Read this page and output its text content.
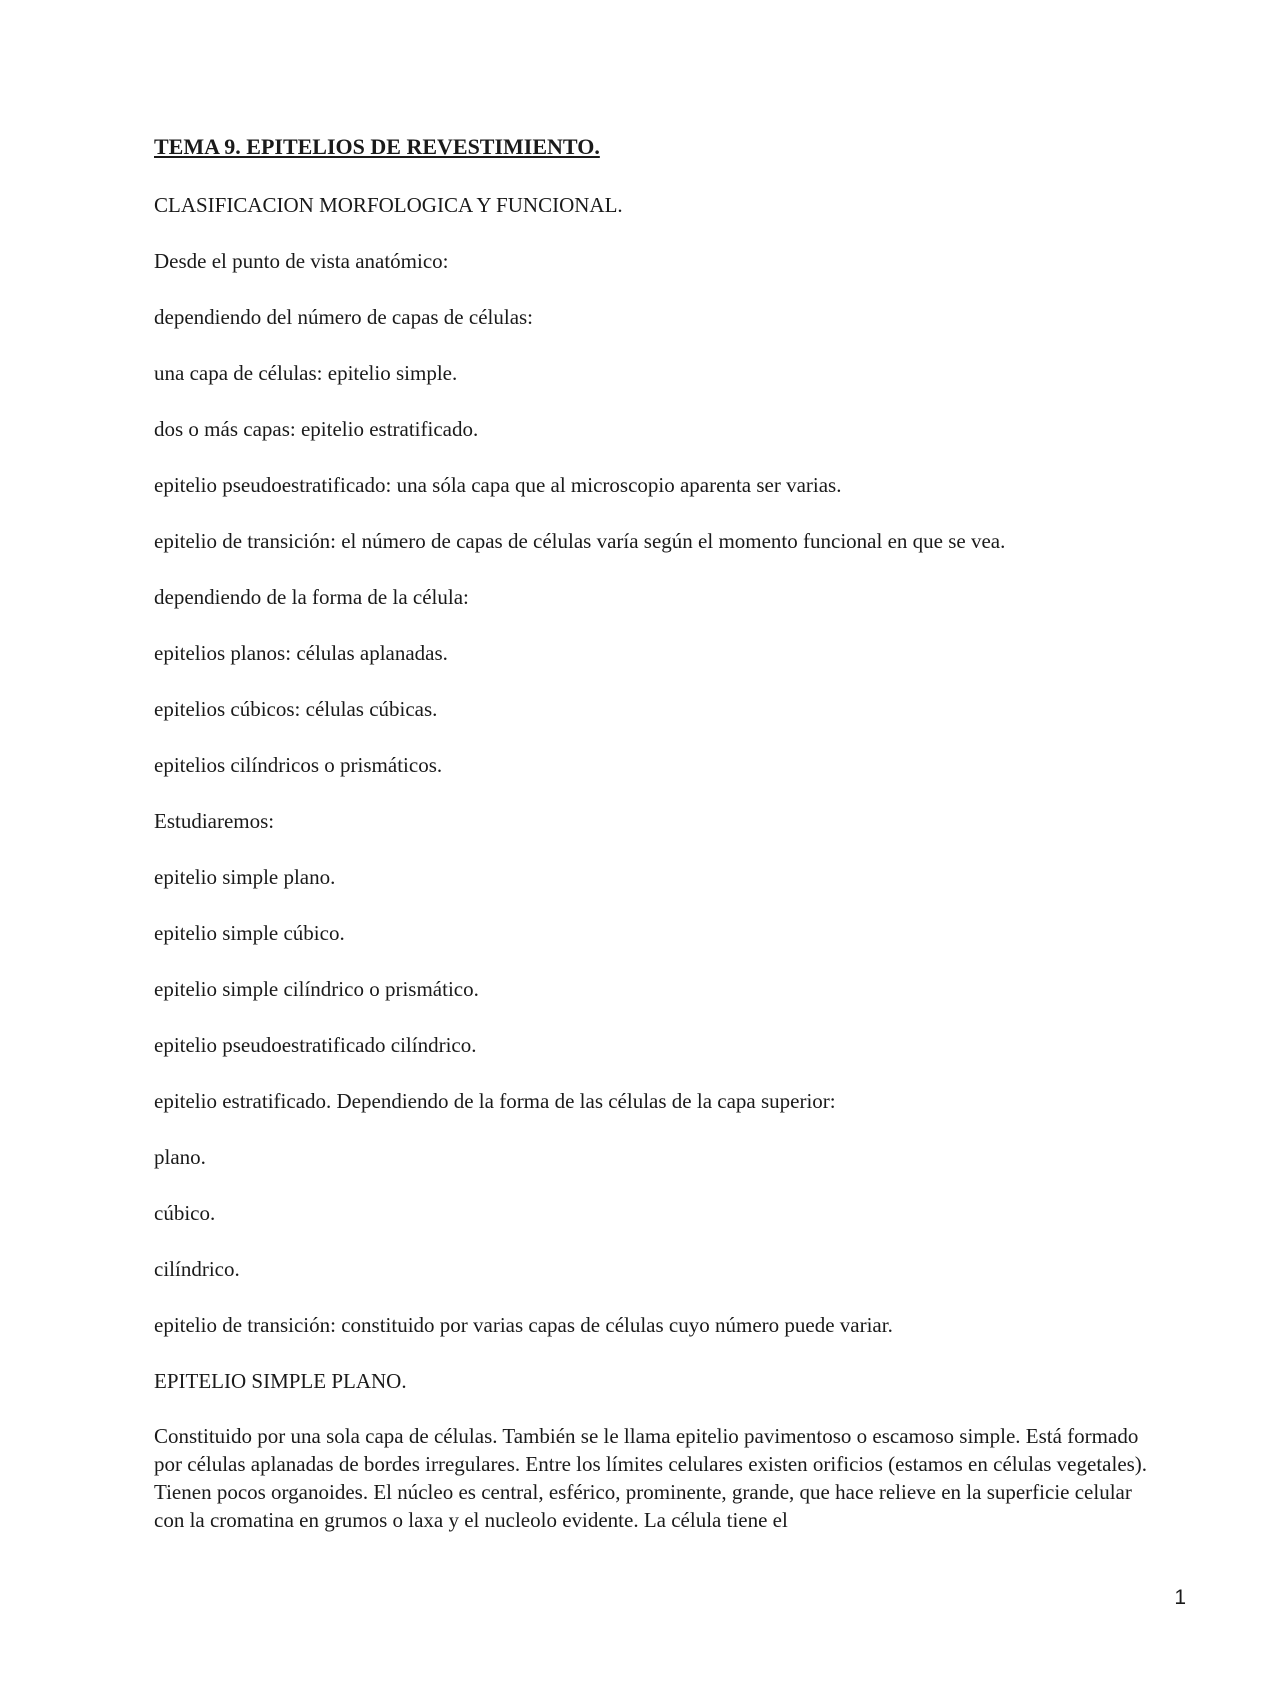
TEMA 9. EPITELIOS DE REVESTIMIENTO.

CLASIFICACION MORFOLOGICA Y FUNCIONAL.

Desde el punto de vista anatómico:

dependiendo del número de capas de células:

una capa de células: epitelio simple.

dos o más capas: epitelio estratificado.

epitelio pseudoestratificado: una sóla capa que al microscopio aparenta ser varias.

epitelio de transición: el número de capas de células varía según el momento funcional en que se vea.

dependiendo de la forma de la célula:

epitelios planos: células aplanadas.

epitelios cúbicos: células cúbicas.

epitelios cilíndricos o prismáticos.

Estudiaremos:

epitelio simple plano.

epitelio simple cúbico.

epitelio simple cilíndrico o prismático.

epitelio pseudoestratificado cilíndrico.

epitelio estratificado. Dependiendo de la forma de las células de la capa superior:

plano.

cúbico.

cilíndrico.

epitelio de transición: constituido por varias capas de células cuyo número puede variar.

EPITELIO SIMPLE PLANO.

Constituido por una sola capa de células. También se le llama epitelio pavimentoso o escamoso simple. Está formado por células aplanadas de bordes irregulares. Entre los límites celulares existen orificios (estamos en células vegetales). Tienen pocos organoides. El núcleo es central, esférico, prominente, grande, que hace relieve en la superficie celular con la cromatina en grumos o laxa y el nucleolo evidente. La célula tiene el

1
